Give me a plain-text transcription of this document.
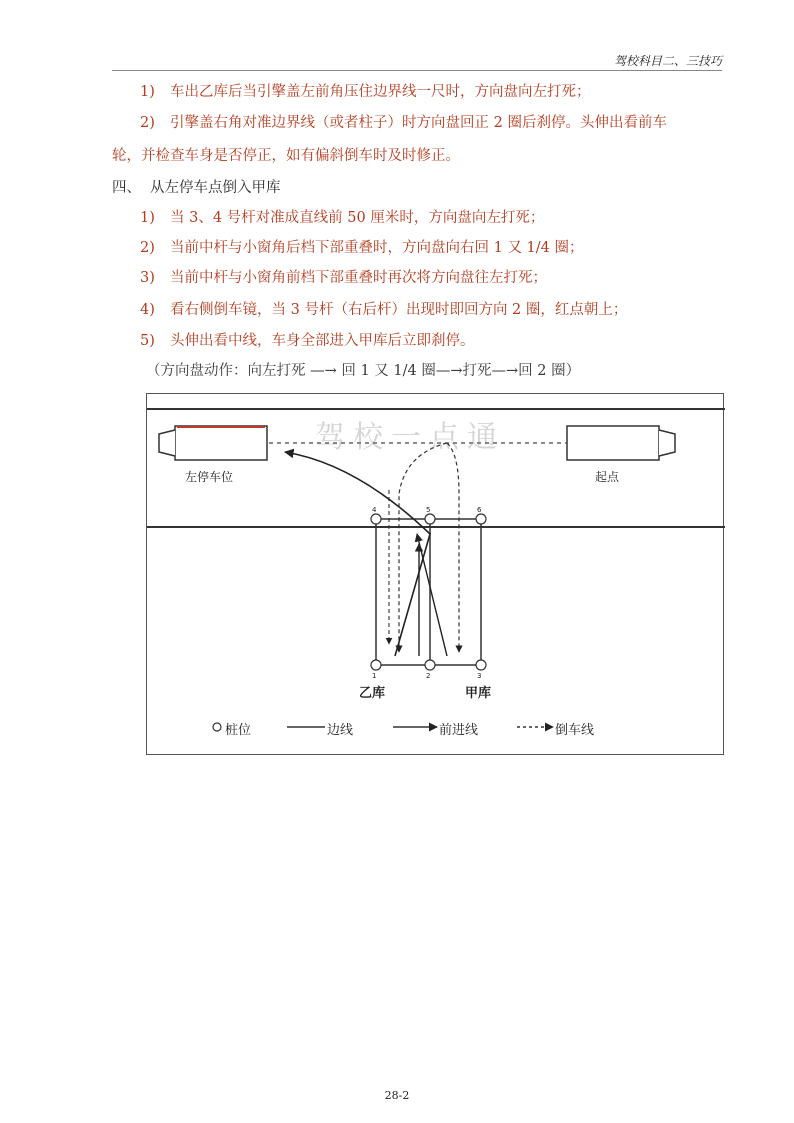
驾校科目二、三技巧
1) 车出乙库后当引擎盖左前角压住边界线一尺时，方向盘向左打死；
2) 引擎盖右角对准边界线（或者柱子）时方向盘回正 2 圈后刹停。头伸出看前车
轮，并检查车身是否停正，如有偏斜倒车时及时修正。
四、 从左停车点倒入甲库
1) 当 3、4 号杆对准成直线前 50 厘米时，方向盘向左打死；
2) 当前中杆与小窗角后档下部重叠时，方向盘向右回 1 又 1/4 圈；
3) 当前中杆与小窗角前档下部重叠时再次将方向盘往左打死；
4) 看右侧倒车镜，当 3 号杆（右后杆）出现时即回方向 2 圈，红点朝上；
5) 头伸出看中线，车身全部进入甲库后立即刹停。
（方向盘动作：向左打死 —→ 回 1 又 1/4 圈—→打死—→回 2 圈）
驾校一点通
左停车位	起点
4	5	6
1	2	3
乙库	甲库
桩位	边线	前进线	倒车线
28-2
